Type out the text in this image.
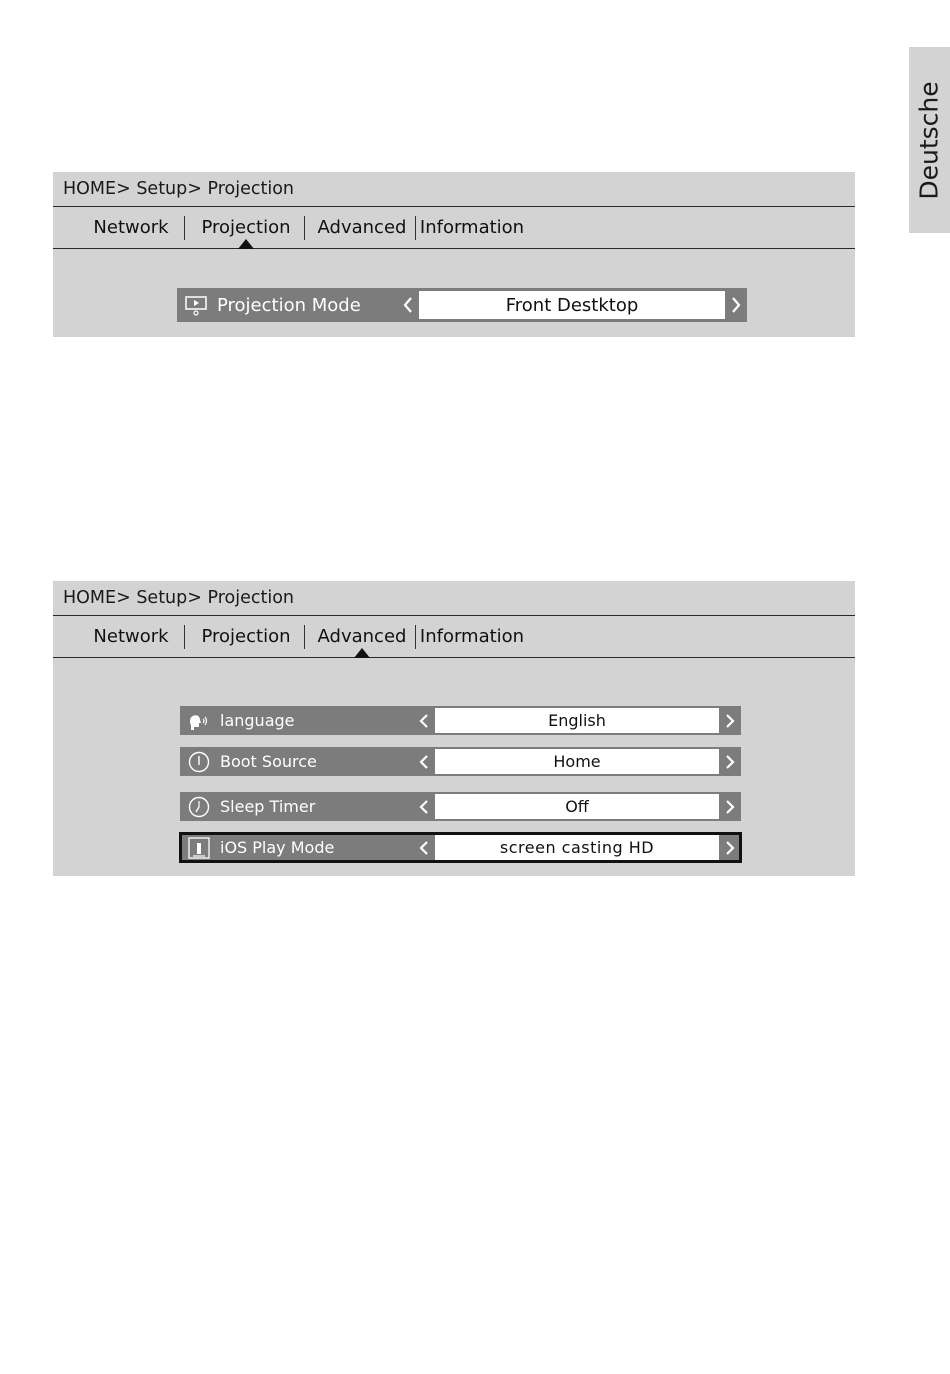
Deutsche
HOME> Setup> Projection
Network	Projection	Advanced Information
Projection Mode	Front Destktop
HOME> Setup> Projection
Network	Projection	Advanced Information
language	English
Boot Source	Home
Sleep Timer	Off
iOS Play Mode	screen casting HD
